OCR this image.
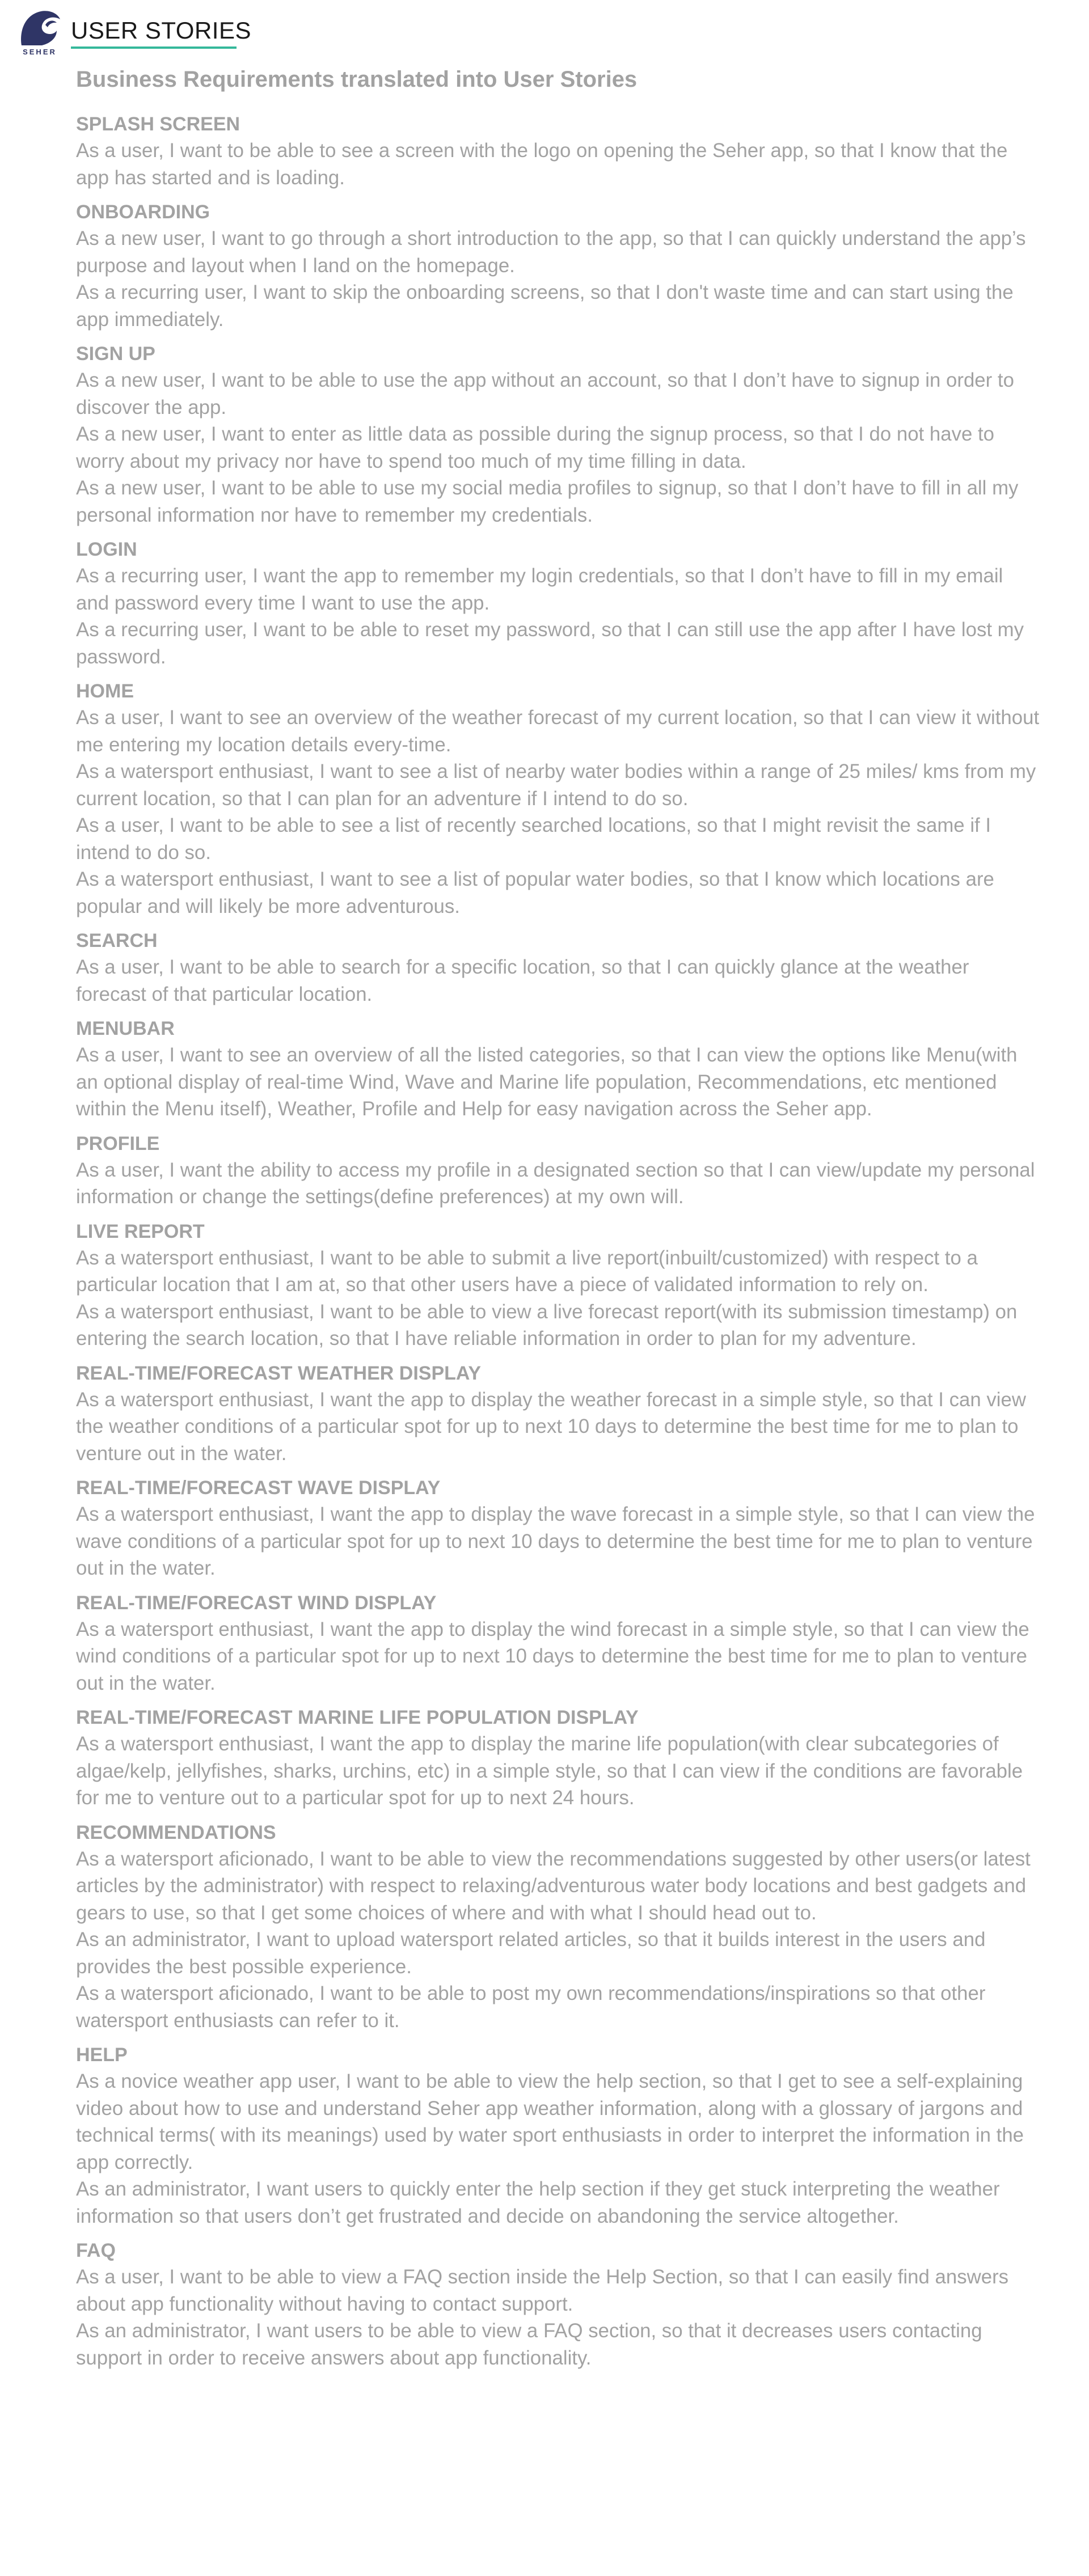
SEHER
USER STORIES
Business Requirements translated into User Stories
SPLASH SCREEN

As a user, I want to be able to see a screen with the logo on opening the Seher app, so that I know that the app has started and is loading.

ONBOARDING

As a new user, I want to go through a short introduction to the app, so that I can quickly understand the app’s purpose and layout when I land on the homepage.

As a recurring user, I want to skip the onboarding screens, so that I don't waste time and can start using the app immediately.

SIGN UP

As a new user, I want to be able to use the app without an account, so that I don’t have to signup in order to discover the app.

As a new user, I want to enter as little data as possible during the signup process, so that I do not have to worry about my privacy nor have to spend too much of my time filling in data.

As a new user, I want to be able to use my social media profiles to signup, so that I don’t have to fill in all my personal information nor have to remember my credentials.

LOGIN

As a recurring user, I want the app to remember my login credentials, so that I don’t have to fill in my email and password every time I want to use the app.

As a recurring user, I want to be able to reset my password, so that I can still use the app after I have lost my password.

HOME

As a user, I want to see an overview of the weather forecast of my current location, so that I can view it without me entering my location details every-time.

As a watersport enthusiast, I want to see a list of nearby water bodies within a range of 25 miles/ kms from my current location, so that I can plan for an adventure if I intend to do so.

As a user, I want to be able to see a list of recently searched locations, so that I might revisit the same if I intend to do so.

As a watersport enthusiast, I want to see a list of popular water bodies, so that I know which locations are popular and will likely be more adventurous.

SEARCH

As a user, I want to be able to search for a specific location, so that I can quickly glance at the weather forecast of that particular location.

MENUBAR

As a user, I want to see an overview of all the listed categories, so that I can view the options like Menu(with an optional display of real-time Wind, Wave and Marine life population, Recommendations, etc mentioned within the Menu itself), Weather, Profile and Help for easy navigation across the Seher app.

PROFILE

As a user, I want the ability to access my profile in a designated section so that I can view/update my personal information or change the settings(define preferences) at my own will.

LIVE REPORT

As a watersport enthusiast, I want to be able to submit a live report(inbuilt/customized) with respect to a particular location that I am at, so that other users have a piece of validated information to rely on.

As a watersport enthusiast, I want to be able to view a live forecast report(with its submission timestamp) on entering the search location, so that I have reliable information in order to plan for my adventure.

REAL-TIME/FORECAST WEATHER DISPLAY

As a watersport enthusiast, I want the app to display the weather forecast in a simple style, so that I can view the weather conditions of a particular spot for up to next 10 days to determine the best time for me to plan to venture out in the water.

REAL-TIME/FORECAST WAVE DISPLAY

As a watersport enthusiast, I want the app to display the wave forecast in a simple style, so that I can view the wave conditions of a particular spot for up to next 10 days to determine the best time for me to plan to venture out in the water.

REAL-TIME/FORECAST WIND DISPLAY

As a watersport enthusiast, I want the app to display the wind forecast in a simple style, so that I can view the wind conditions of a particular spot for up to next 10 days to determine the best time for me to plan to venture out in the water.

REAL-TIME/FORECAST MARINE LIFE POPULATION DISPLAY

As a watersport enthusiast, I want the app to display the marine life population(with clear subcategories of algae/kelp, jellyfishes, sharks, urchins, etc) in a simple style, so that I can view if the conditions are favorable for me to venture out to a particular spot for up to next 24 hours.

RECOMMENDATIONS

As a watersport aficionado, I want to be able to view the recommendations suggested by other users(or latest articles by the administrator) with respect to relaxing/adventurous water body locations and best gadgets and gears to use, so that I get some choices of where and with what I should head out to.

As an administrator, I want to upload watersport related articles, so that it builds interest in the users and provides the best possible experience.

As a watersport aficionado, I want to be able to post my own recommendations/inspirations so that other watersport enthusiasts can refer to it.

HELP

As a novice weather app user, I want to be able to view the help section, so that I get to see a self-explaining video about how to use and understand Seher app weather information, along with a glossary of jargons and technical terms( with its meanings) used by water sport enthusiasts in order to interpret the information in the app correctly.

As an administrator, I want users to quickly enter the help section if they get stuck interpreting the weather information so that users don’t get frustrated and decide on abandoning the service altogether.

FAQ

As a user, I want to be able to view a FAQ section inside the Help Section, so that I can easily find answers about app functionality without having to contact support.

As an administrator, I want users to be able to view a FAQ section, so that it decreases users contacting support in order to receive answers about app functionality.
